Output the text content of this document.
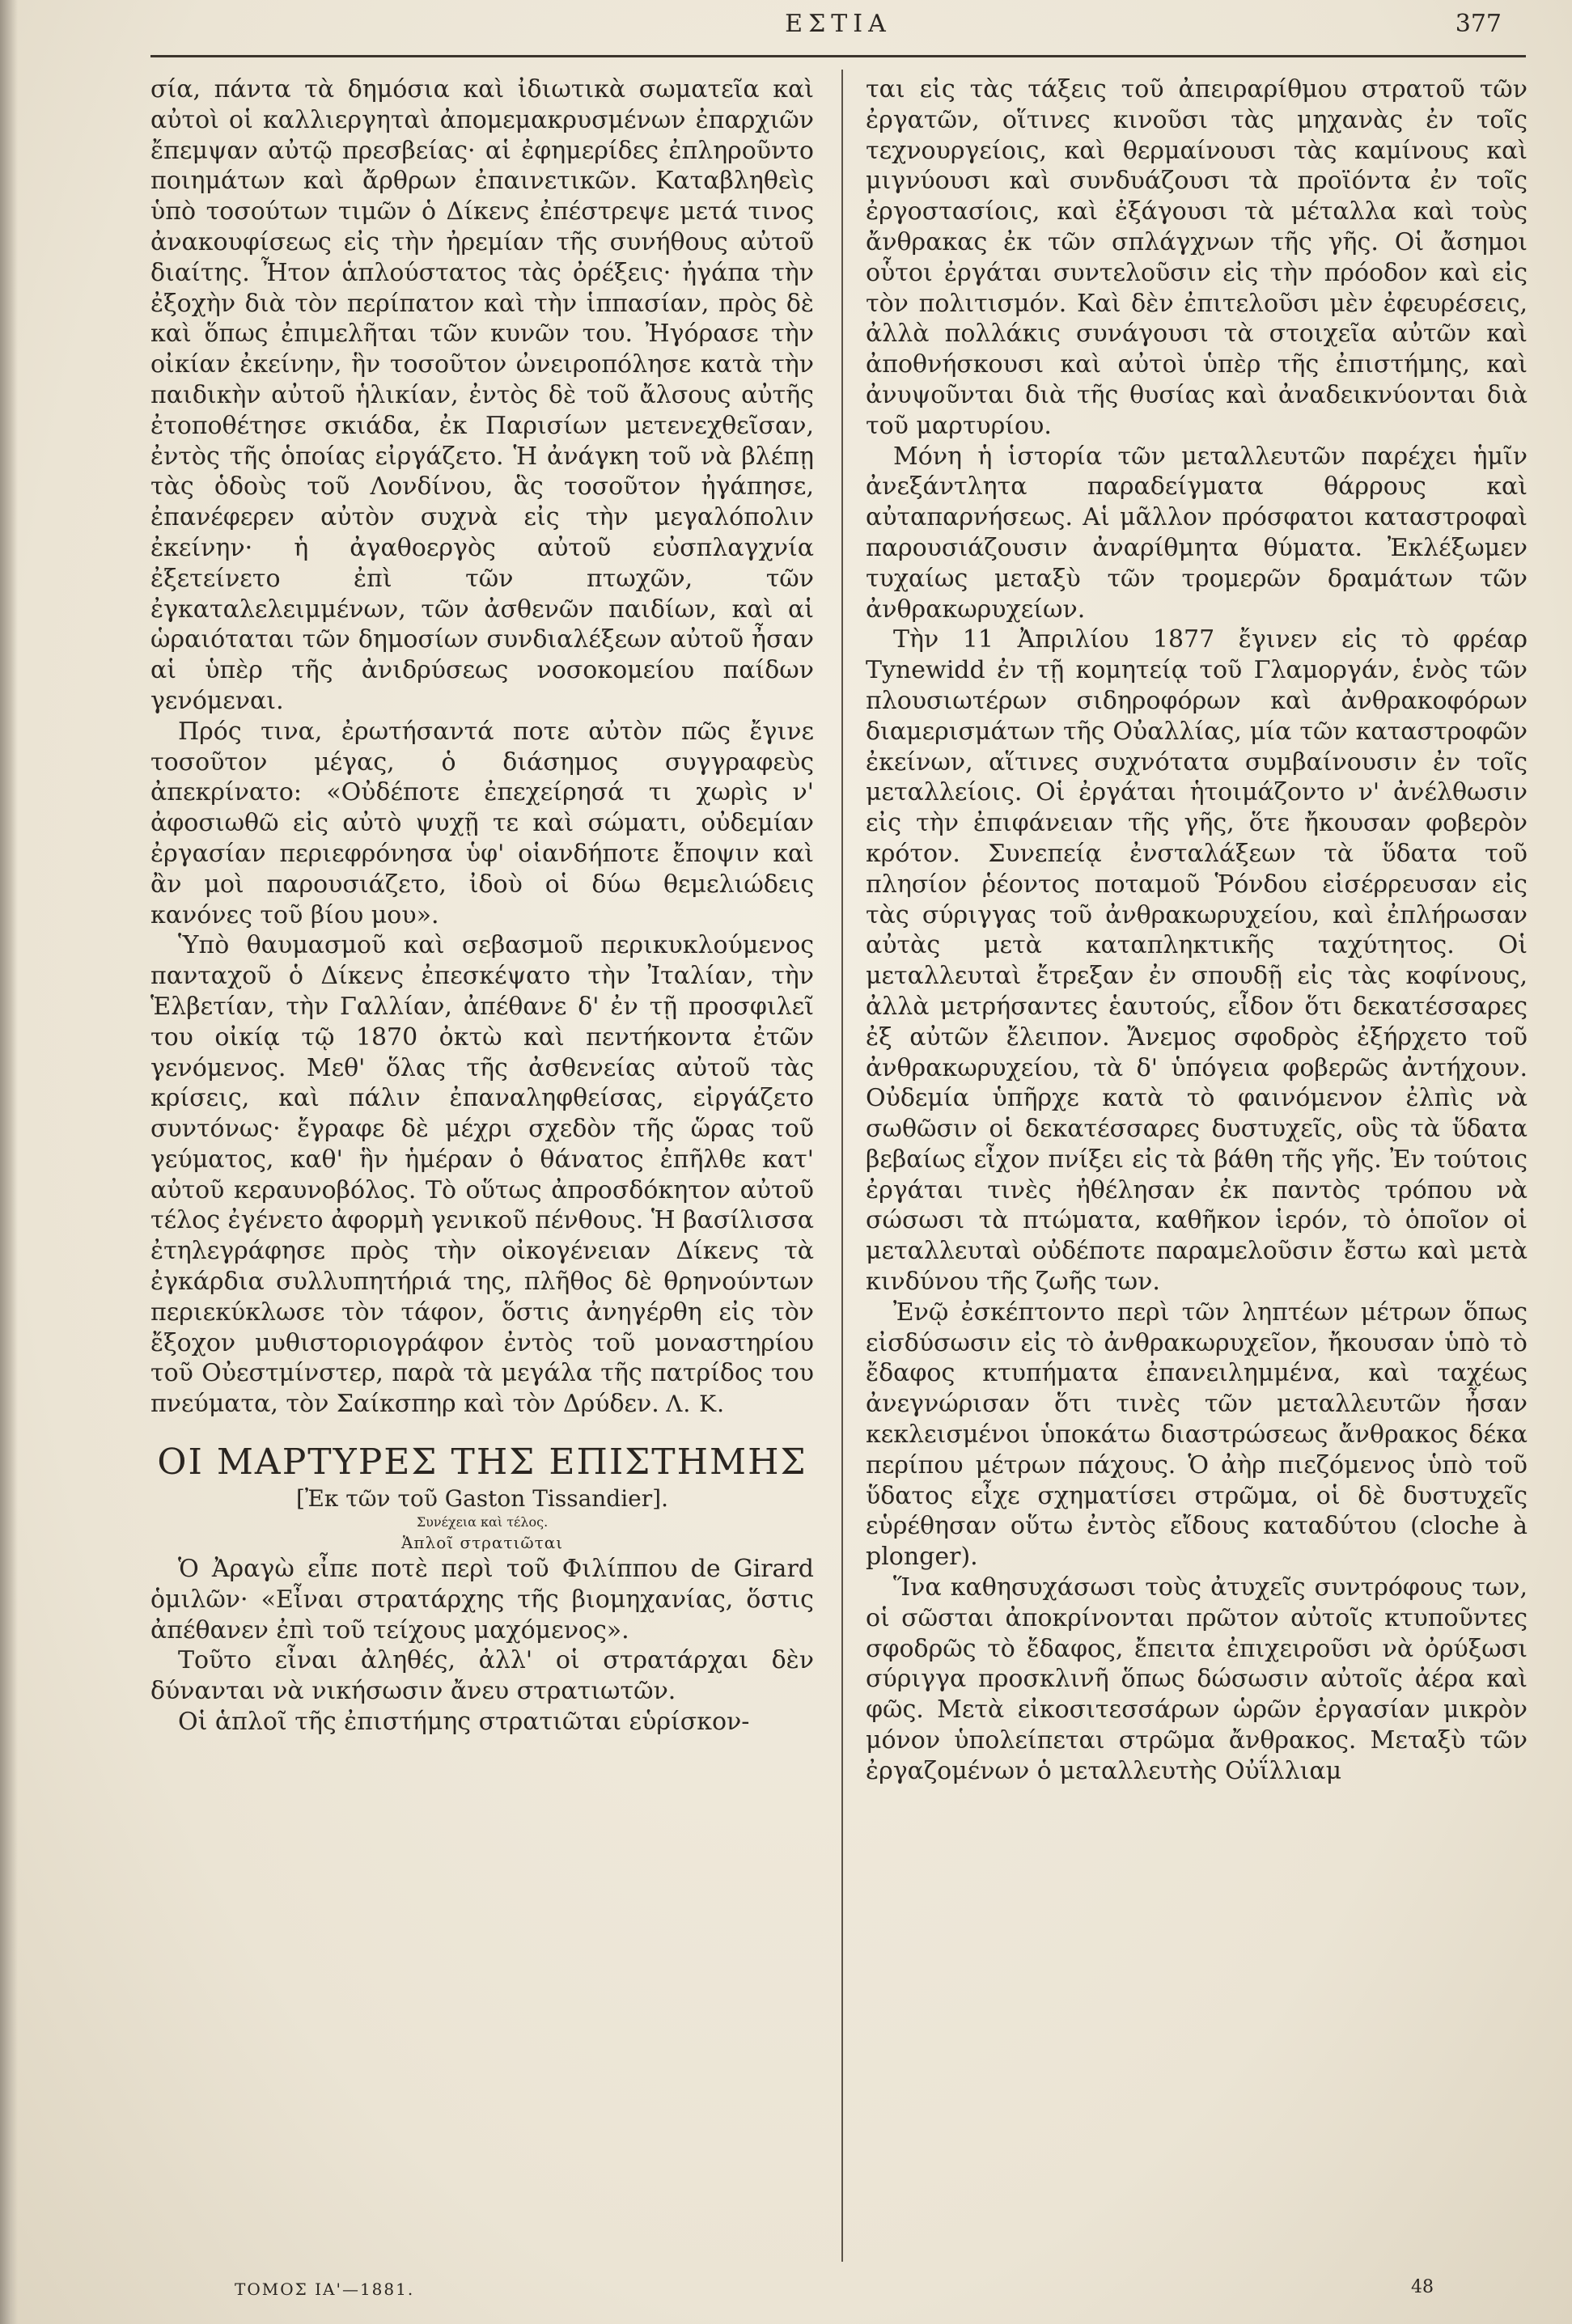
ΕΣΤΙΑ	377

σία, πάντα τὰ δημόσια καὶ ἰδιωτικὰ σωματεῖα καὶ αὐτοὶ οἱ καλλιεργηταὶ ἀπομεμακρυσμένων ἐπαρχιῶν ἔπεμψαν αὐτῷ πρεσβείας· αἱ ἐφημερίδες ἐπληροῦντο ποιημάτων καὶ ἄρθρων ἐπαινετικῶν. Καταβληθεὶς ὑπὸ τοσούτων τιμῶν ὁ Δίκενς ἐπέστρεψε μετά τινος ἀνακουφίσεως εἰς τὴν ἠρεμίαν τῆς συνήθους αὐτοῦ διαίτης. Ἦτον ἁπλούστατος τὰς ὀρέξεις· ἠγάπα τὴν ἐξοχὴν διὰ τὸν περίπατον καὶ τὴν ἱππασίαν, πρὸς δὲ καὶ ὅπως ἐπιμελῆται τῶν κυνῶν του. Ἠγόρασε τὴν οἰκίαν ἐκείνην, ἣν τοσοῦτον ὠνειροπόλησε κατὰ τὴν παιδικὴν αὐτοῦ ἡλικίαν, ἐντὸς δὲ τοῦ ἄλσους αὐτῆς ἐτοποθέτησε σκιάδα, ἐκ Παρισίων μετενεχθεῖσαν, ἐντὸς τῆς ὁποίας εἰργάζετο. Ἡ ἀνάγκη τοῦ νὰ βλέπῃ τὰς ὁδοὺς τοῦ Λονδίνου, ἃς τοσοῦτον ἠγάπησε, ἐπανέφερεν αὐτὸν συχνὰ εἰς τὴν μεγαλόπολιν ἐκείνην· ἡ ἀγαθοεργὸς αὐτοῦ εὐσπλαγχνία ἐξετείνετο ἐπὶ τῶν πτωχῶν, τῶν ἐγκαταλελειμμένων, τῶν ἀσθενῶν παιδίων, καὶ αἱ ὡραιόταται τῶν δημοσίων συνδιαλέξεων αὐτοῦ ἦσαν αἱ ὑπὲρ τῆς ἀνιδρύσεως νοσοκομείου παίδων γενόμεναι.

Πρός τινα, ἐρωτήσαντά ποτε αὐτὸν πῶς ἔγινε τοσοῦτον μέγας, ὁ διάσημος συγγραφεὺς ἀπεκρίνατο: «Οὐδέποτε ἐπεχείρησά τι χωρὶς ν' ἀφοσιωθῶ εἰς αὐτὸ ψυχῇ τε καὶ σώματι, οὐδεμίαν ἐργασίαν περιεφρόνησα ὑφ' οἱανδήποτε ἔποψιν καὶ ἂν μοὶ παρουσιάζετο, ἰδοὺ οἱ δύω θεμελιώδεις κανόνες τοῦ βίου μου».

Ὑπὸ θαυμασμοῦ καὶ σεβασμοῦ περικυκλούμενος πανταχοῦ ὁ Δίκενς ἐπεσκέψατο τὴν Ἰταλίαν, τὴν Ἑλβετίαν, τὴν Γαλλίαν, ἀπέθανε δ' ἐν τῇ προσφιλεῖ του οἰκίᾳ τῷ 1870 ὀκτὼ καὶ πεντήκοντα ἐτῶν γενόμενος. Μεθ' ὅλας τῆς ἀσθενείας αὐτοῦ τὰς κρίσεις, καὶ πάλιν ἐπαναληφθείσας, εἰργάζετο συντόνως· ἔγραφε δὲ μέχρι σχεδὸν τῆς ὥρας τοῦ γεύματος, καθ' ἣν ἡμέραν ὁ θάνατος ἐπῆλθε κατ' αὐτοῦ κεραυνοβόλος. Τὸ οὕτως ἀπροσδόκητον αὐτοῦ τέλος ἐγένετο ἀφορμὴ γενικοῦ πένθους. Ἡ βασίλισσα ἐτηλεγράφησε πρὸς τὴν οἰκογένειαν Δίκενς τὰ ἐγκάρδια συλλυπητήριά της, πλῆθος δὲ θρηνούντων περιεκύκλωσε τὸν τάφον, ὅστις ἀνηγέρθη εἰς τὸν ἔξοχον μυθιστοριογράφον ἐντὸς τοῦ μοναστηρίου τοῦ Οὐεστμίνστερ, παρὰ τὰ μεγάλα τῆς πατρίδος του πνεύματα, τὸν Σαίκσπηρ καὶ τὸν Δρύδεν. Λ. Κ.

ΟΙ ΜΑΡΤΥΡΕΣ ΤΗΣ ΕΠΙΣΤΗΜΗΣ

[Ἐκ τῶν τοῦ Gaston Tissandier].

Συνέχεια καὶ τέλος.

Ἁπλοῖ στρατιῶται

Ὁ Ἀραγὼ εἶπε ποτὲ περὶ τοῦ Φιλίππου de Girard ὁμιλῶν· «Εἶναι στρατάρχης τῆς βιομηχανίας, ὅστις ἀπέθανεν ἐπὶ τοῦ τείχους μαχόμενος».

Τοῦτο εἶναι ἀληθές, ἀλλ' οἱ στρατάρχαι δὲν δύνανται νὰ νικήσωσιν ἄνευ στρατιωτῶν.

Οἱ ἁπλοῖ τῆς ἐπιστήμης στρατιῶται εὑρίσκον-

ται εἰς τὰς τάξεις τοῦ ἀπειραρίθμου στρατοῦ τῶν ἐργατῶν, οἵτινες κινοῦσι τὰς μηχανὰς ἐν τοῖς τεχνουργείοις, καὶ θερμαίνουσι τὰς καμίνους καὶ μιγνύουσι καὶ συνδυάζουσι τὰ προϊόντα ἐν τοῖς ἐργοστασίοις, καὶ ἐξάγουσι τὰ μέταλλα καὶ τοὺς ἄνθρακας ἐκ τῶν σπλάγχνων τῆς γῆς. Οἱ ἄσημοι οὗτοι ἐργάται συντελοῦσιν εἰς τὴν πρόοδον καὶ εἰς τὸν πολιτισμόν. Καὶ δὲν ἐπιτελοῦσι μὲν ἐφευρέσεις, ἀλλὰ πολλάκις συνάγουσι τὰ στοιχεῖα αὐτῶν καὶ ἀποθνήσκουσι καὶ αὐτοὶ ὑπὲρ τῆς ἐπιστήμης, καὶ ἀνυψοῦνται διὰ τῆς θυσίας καὶ ἀναδεικνύονται διὰ τοῦ μαρτυρίου.

Μόνη ἡ ἱστορία τῶν μεταλλευτῶν παρέχει ἡμῖν ἀνεξάντλητα παραδείγματα θάρρους καὶ αὐταπαρνήσεως. Αἱ μᾶλλον πρόσφατοι καταστροφαὶ παρουσιάζουσιν ἀναρίθμητα θύματα. Ἐκλέξωμεν τυχαίως μεταξὺ τῶν τρομερῶν δραμάτων τῶν ἀνθρακωρυχείων.

Τὴν 11 Ἀπριλίου 1877 ἔγινεν εἰς τὸ φρέαρ Tynewidd ἐν τῇ κομητείᾳ τοῦ Γλαμοργάν, ἑνὸς τῶν πλουσιωτέρων σιδηροφόρων καὶ ἀνθρακοφόρων διαμερισμάτων τῆς Οὐαλλίας, μία τῶν καταστροφῶν ἐκείνων, αἵτινες συχνότατα συμβαίνουσιν ἐν τοῖς μεταλλείοις. Οἱ ἐργάται ἡτοιμάζοντο ν' ἀνέλθωσιν εἰς τὴν ἐπιφάνειαν τῆς γῆς, ὅτε ἤκουσαν φοβερὸν κρότον. Συνεπείᾳ ἐνσταλάξεων τὰ ὕδατα τοῦ πλησίον ῥέοντος ποταμοῦ Ῥόνδου εἰσέρρευσαν εἰς τὰς σύριγγας τοῦ ἀνθρακωρυχείου, καὶ ἐπλήρωσαν αὐτὰς μετὰ καταπληκτικῆς ταχύτητος. Οἱ μεταλλευταὶ ἔτρεξαν ἐν σπουδῇ εἰς τὰς κοφίνους, ἀλλὰ μετρήσαντες ἑαυτούς, εἶδον ὅτι δεκατέσσαρες ἐξ αὐτῶν ἔλειπον. Ἄνεμος σφοδρὸς ἐξήρχετο τοῦ ἀνθρακωρυχείου, τὰ δ' ὑπόγεια φοβερῶς ἀντήχουν. Οὐδεμία ὑπῆρχε κατὰ τὸ φαινόμενον ἐλπὶς νὰ σωθῶσιν οἱ δεκατέσσαρες δυστυχεῖς, οὓς τὰ ὕδατα βεβαίως εἶχον πνίξει εἰς τὰ βάθη τῆς γῆς. Ἐν τούτοις ἐργάται τινὲς ἠθέλησαν ἐκ παντὸς τρόπου νὰ σώσωσι τὰ πτώματα, καθῆκον ἱερόν, τὸ ὁποῖον οἱ μεταλλευταὶ οὐδέποτε παραμελοῦσιν ἔστω καὶ μετὰ κινδύνου τῆς ζωῆς των.

Ἐνῷ ἐσκέπτοντο περὶ τῶν ληπτέων μέτρων ὅπως εἰσδύσωσιν εἰς τὸ ἀνθρακωρυχεῖον, ἤκουσαν ὑπὸ τὸ ἔδαφος κτυπήματα ἐπανειλημμένα, καὶ ταχέως ἀνεγνώρισαν ὅτι τινὲς τῶν μεταλλευτῶν ἦσαν κεκλεισμένοι ὑποκάτω διαστρώσεως ἄνθρακος δέκα περίπου μέτρων πάχους. Ὁ ἀὴρ πιεζόμενος ὑπὸ τοῦ ὕδατος εἶχε σχηματίσει στρῶμα, οἱ δὲ δυστυχεῖς εὑρέθησαν οὕτω ἐντὸς εἴδους καταδύτου (cloche à plonger).

Ἵνα καθησυχάσωσι τοὺς ἀτυχεῖς συντρόφους των, οἱ σῶσται ἀποκρίνονται πρῶτον αὐτοῖς κτυποῦντες σφοδρῶς τὸ ἔδαφος, ἔπειτα ἐπιχειροῦσι νὰ ὀρύξωσι σύριγγα προσκλινῆ ὅπως δώσωσιν αὐτοῖς ἀέρα καὶ φῶς. Μετὰ εἰκοσιτεσσάρων ὡρῶν ἐργασίαν μικρὸν μόνον ὑπολείπεται στρῶμα ἄνθρακος. Μεταξὺ τῶν ἐργαζομένων ὁ μεταλλευτὴς Οὐΐλλιαμ

ΤΟΜΟΣ ΙΑ'—1881.	48
